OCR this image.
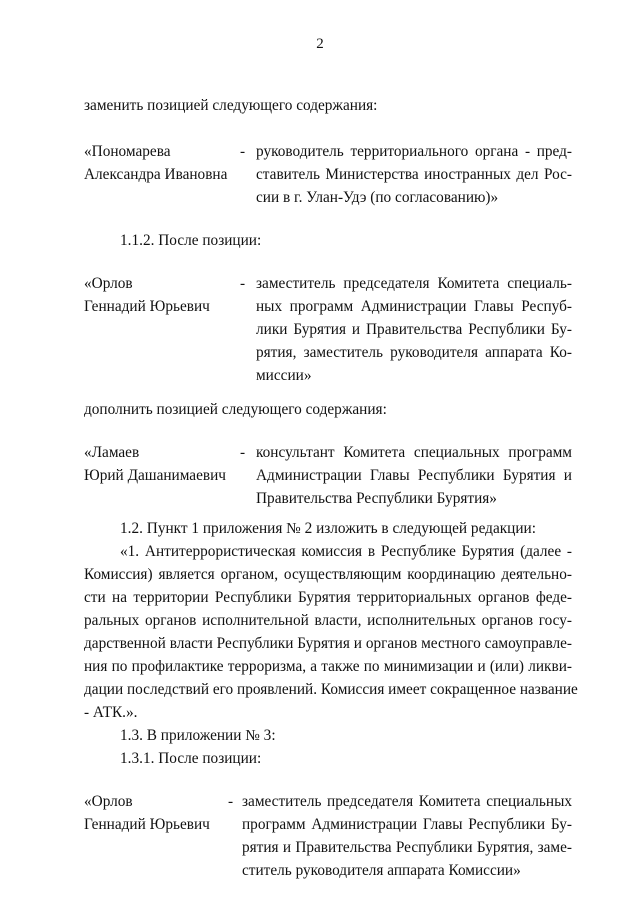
2
заменить позицией следующего содержания:
«Пономарева
Александра Ивановна
- руководитель территориального органа - пред-
ставитель Министерства иностранных дел Рос-
сии в г. Улан-Удэ (по согласованию)»
1.1.2. После позиции:
«Орлов
Геннадий Юрьевич
- заместитель председателя Комитета специаль-
ных программ Администрации Главы Респуб-
лики Бурятия и Правительства Республики Бу-
рятия, заместитель руководителя аппарата Ко-
миссии»
дополнить позицией следующего содержания:
«Ламаев
Юрий Дашанимаевич
- консультант Комитета специальных программ
Администрации Главы Республики Бурятия и
Правительства Республики Бурятия»
1.2. Пункт 1 приложения № 2 изложить в следующей редакции:
«1. Антитеррористическая комиссия в Республике Бурятия (далее -
Комиссия) является органом, осуществляющим координацию деятельно-
сти на территории Республики Бурятия территориальных органов феде-
ральных органов исполнительной власти, исполнительных органов госу-
дарственной власти Республики Бурятия и органов местного самоуправле-
ния по профилактике терроризма, а также по минимизации и (или) ликви-
дации последствий его проявлений. Комиссия имеет сокращенное название
- АТК.».
1.3. В приложении № 3:
1.3.1. После позиции:
«Орлов
Геннадий Юрьевич
- заместитель председателя Комитета специальных
программ Администрации Главы Республики Бу-
рятия и Правительства Республики Бурятия, заме-
ститель руководителя аппарата Комиссии»
